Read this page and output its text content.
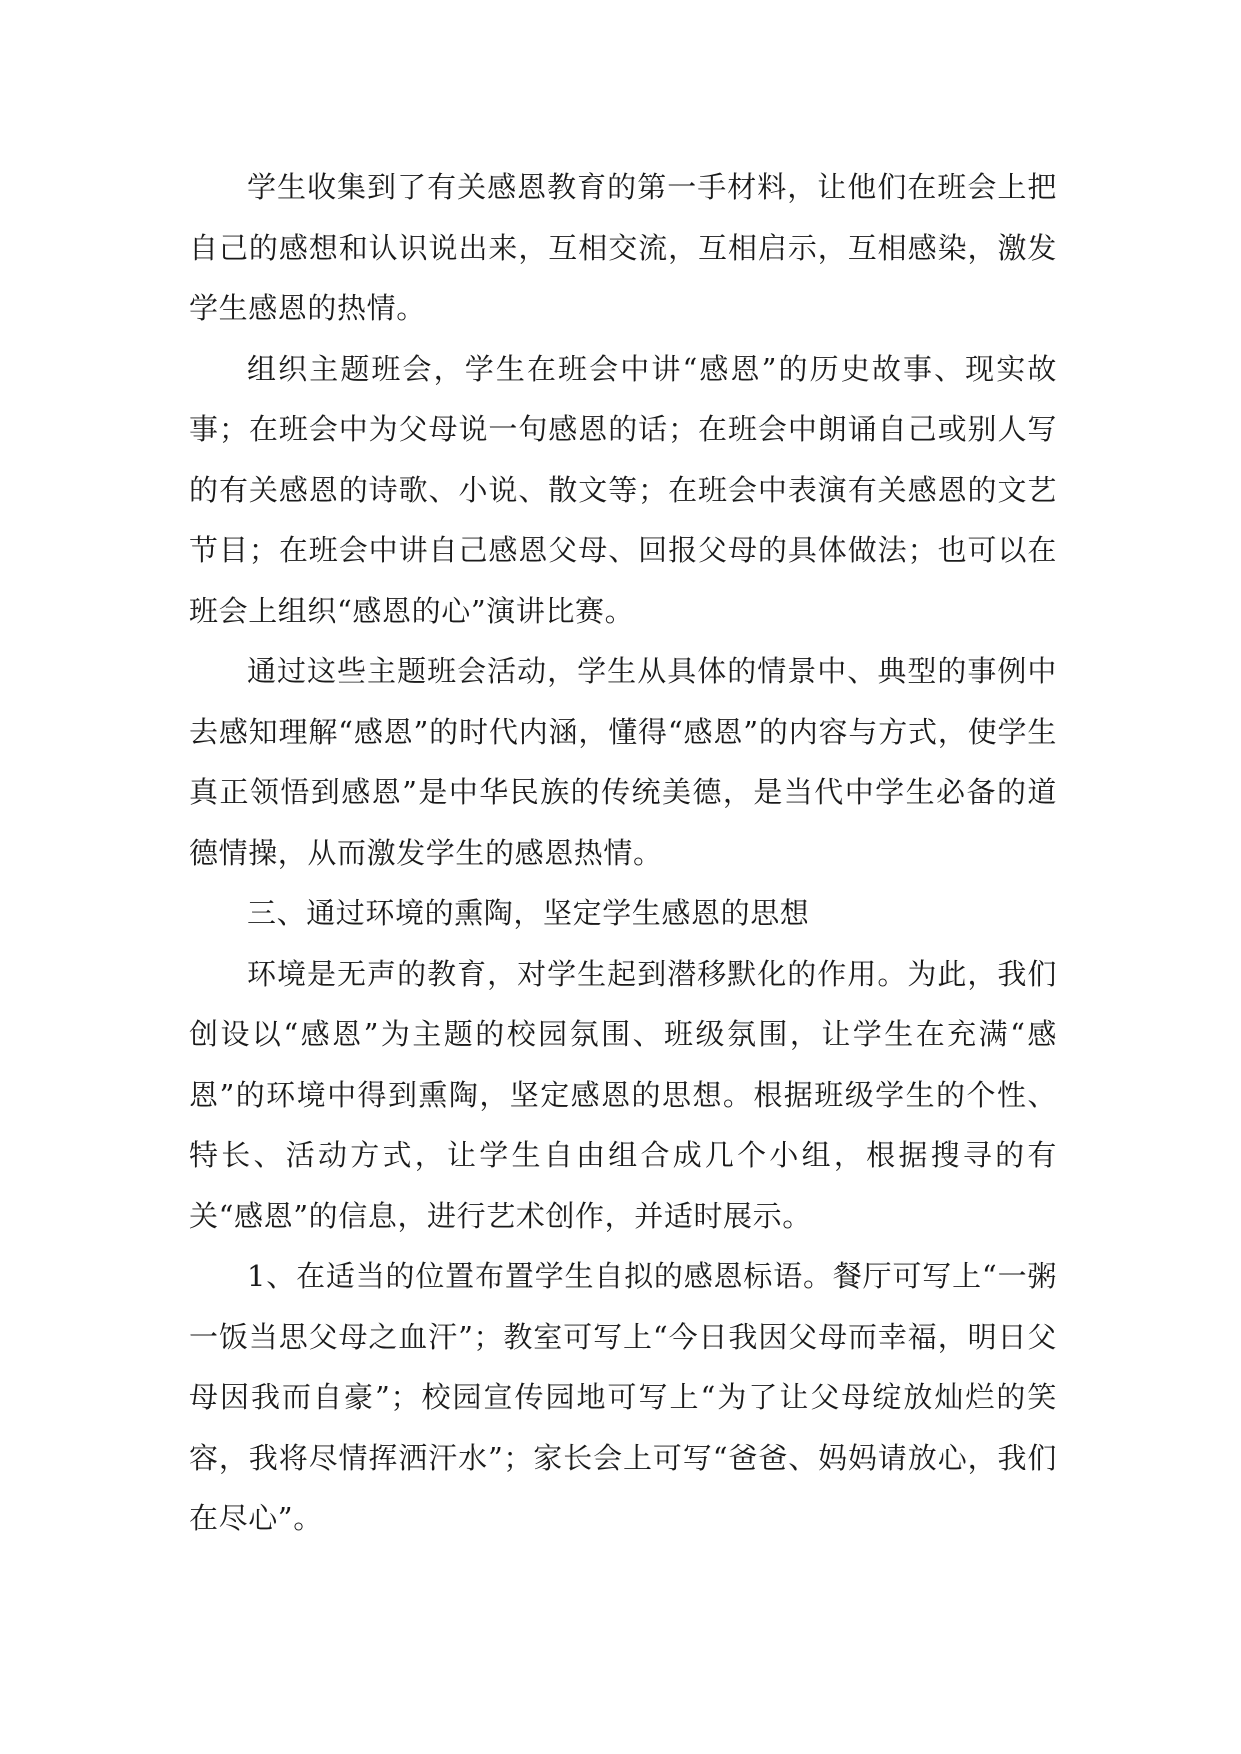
学生收集到了有关感恩教育的第一手材料，让他们在班会上把自己的感想和认识说出来，互相交流，互相启示，互相感染，激发学生感恩的热情。

组织主题班会，学生在班会中讲“感恩”的历史故事、现实故事；在班会中为父母说一句感恩的话；在班会中朗诵自己或别人写的有关感恩的诗歌、小说、散文等；在班会中表演有关感恩的文艺节目；在班会中讲自己感恩父母、回报父母的具体做法；也可以在班会上组织“感恩的心”演讲比赛。

通过这些主题班会活动，学生从具体的情景中、典型的事例中去感知理解“感恩”的时代内涵，懂得“感恩”的内容与方式，使学生真正领悟到感恩”是中华民族的传统美德，是当代中学生必备的道德情操，从而激发学生的感恩热情。

三、通过环境的熏陶，坚定学生感恩的思想

环境是无声的教育，对学生起到潜移默化的作用。为此，我们创设以“感恩”为主题的校园氛围、班级氛围，让学生在充满“感恩”的环境中得到熏陶，坚定感恩的思想。根据班级学生的个性、特长、活动方式，让学生自由组合成几个小组，根据搜寻的有关“感恩”的信息，进行艺术创作，并适时展示。

1、在适当的位置布置学生自拟的感恩标语。餐厅可写上“一粥一饭当思父母之血汗”；教室可写上“今日我因父母而幸福，明日父母因我而自豪”；校园宣传园地可写上“为了让父母绽放灿烂的笑容，我将尽情挥洒汗水”；家长会上可写“爸爸、妈妈请放心，我们在尽心”。
